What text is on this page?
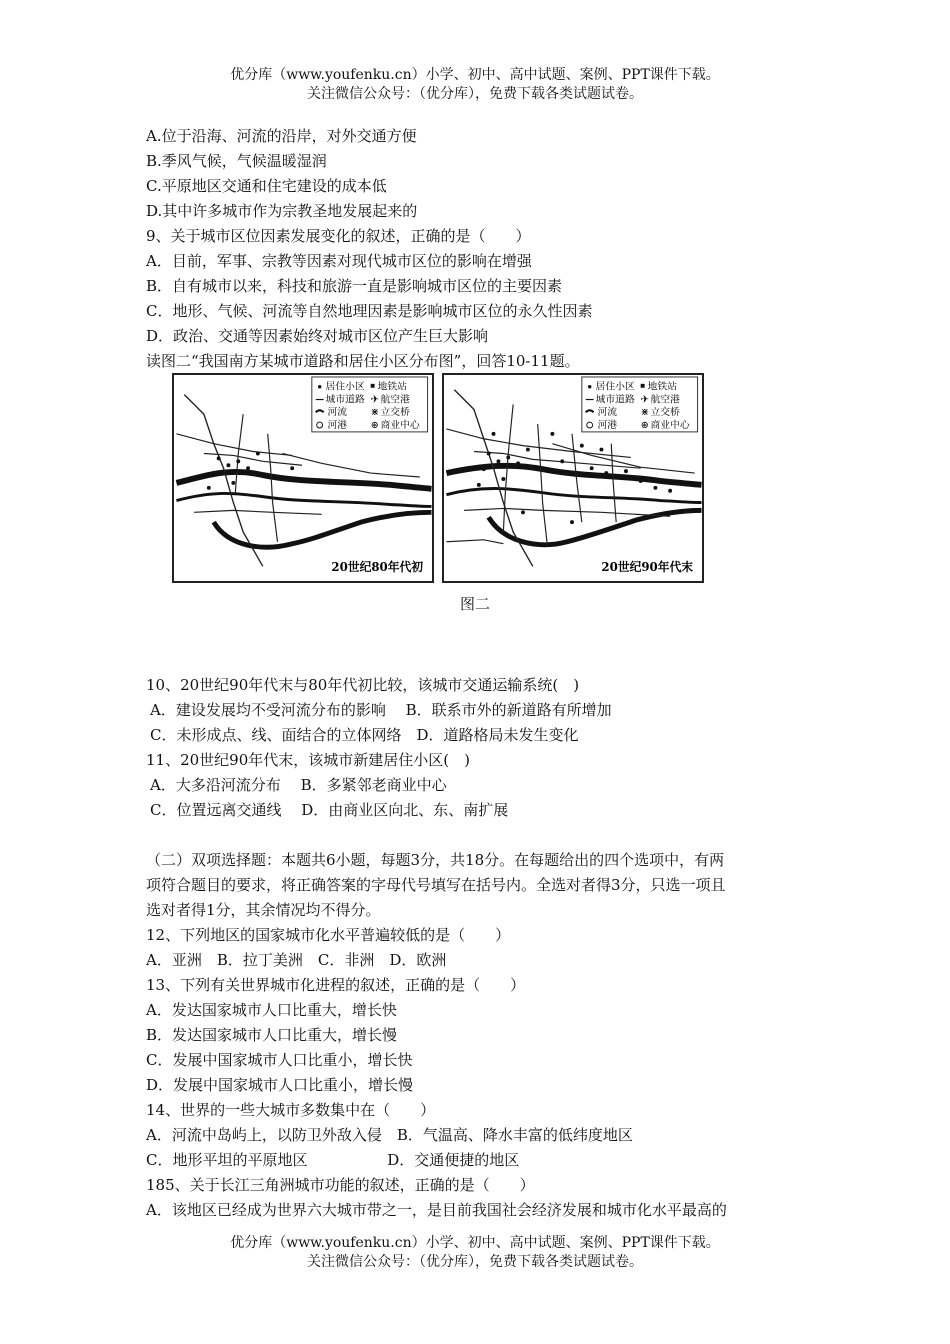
优分库（www.youfenku.cn）小学、初中、高中试题、案例、PPT课件下载。
关注微信公众号：（优分库），免费下载各类试题试卷。
A.位于沿海、河流的沿岸，对外交通方便
B.季风气候，气候温暖湿润
C.平原地区交通和住宅建设的成本低
D.其中许多城市作为宗教圣地发展起来的
9、关于城市区位因素发展变化的叙述，正确的是（　　）
A．目前，军事、宗教等因素对现代城市区位的影响在增强
B．自有城市以来，科技和旅游一直是影响城市区位的主要因素
C．地形、气候、河流等自然地理因素是影响城市区位的永久性因素
D．政治、交通等因素始终对城市区位产生巨大影响
读图二“我国南方某城市道路和居住小区分布图”，回答10-11题。
居住小区 地铁站
城市道路 ✈ 航空港
河流 ⋇ 立交桥
河港 ⊛ 商业中心
20世纪80年代初
居住小区 地铁站
城市道路 ✈ 航空港
河流 ⋇ 立交桥
河港 ⊛ 商业中心
20世纪90年代末
图二
10、20世纪90年代末与80年代初比较，该城市交通运输系统(　)
A．建设发展均不受河流分布的影响　 B．联系市外的新道路有所增加
C．未形成点、线、面结合的立体网络　D．道路格局未发生变化
11、20世纪90年代末，该城市新建居住小区(　)
A．大多沿河流分布　 B．多紧邻老商业中心
C．位置远离交通线　 D．由商业区向北、东、南扩展
（二）双项选择题：本题共6小题，每题3分，共18分。在每题给出的四个选项中，有两
项符合题目的要求，将正确答案的字母代号填写在括号内。全选对者得3分，只选一项且
选对者得1分，其余情况均不得分。
12、下列地区的国家城市化水平普遍较低的是（　　）
A．亚洲　B．拉丁美洲　C．非洲　D．欧洲
13、下列有关世界城市化进程的叙述，正确的是（　　）
A．发达国家城市人口比重大，增长快
B．发达国家城市人口比重大，增长慢
C．发展中国家城市人口比重小，增长快
D．发展中国家城市人口比重小，增长慢
14、世界的一些大城市多数集中在（　　）
A．河流中岛屿上，以防卫外敌入侵　B．气温高、降水丰富的低纬度地区
C．地形平坦的平原地区　　　　　 D．交通便捷的地区
185、关于长江三角洲城市功能的叙述，正确的是（　　）
A．该地区已经成为世界六大城市带之一，是目前我国社会经济发展和城市化水平最高的
优分库（www.youfenku.cn）小学、初中、高中试题、案例、PPT课件下载。
关注微信公众号：（优分库），免费下载各类试题试卷。
